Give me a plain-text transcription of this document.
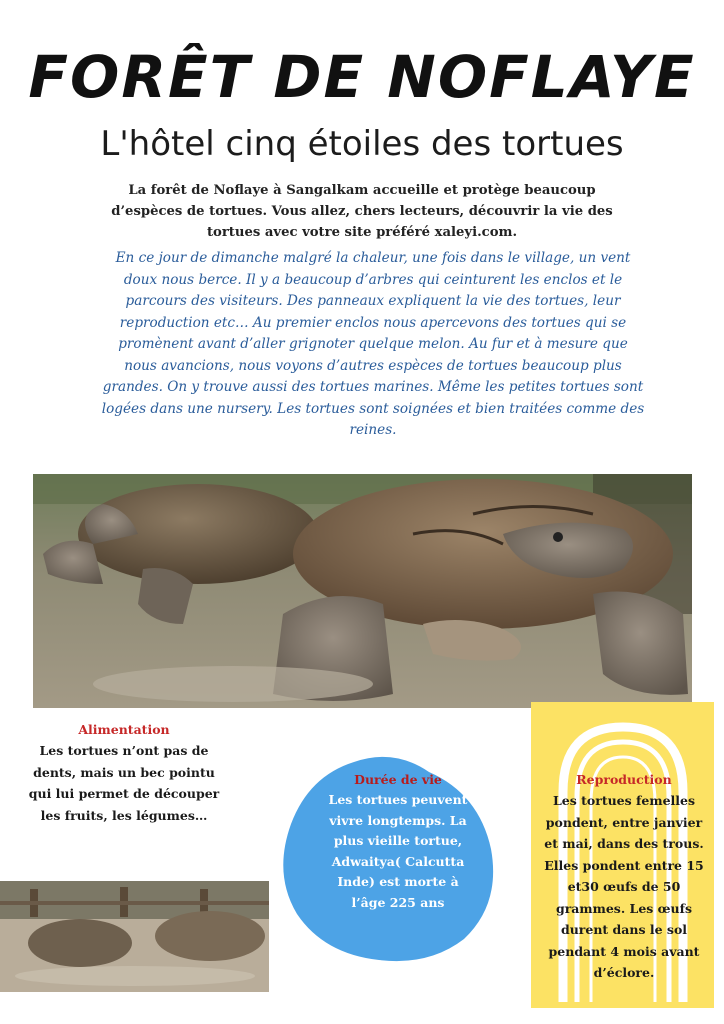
FORÊT DE NOFLAYE
L'hôtel cinq étoiles des tortues
La forêt de Noflaye à Sangalkam accueille et protège beaucoup d’espèces de tortues. Vous allez, chers lecteurs, découvrir la vie des tortues avec votre site préféré xaleyi.com.
En ce jour de dimanche malgré la chaleur, une fois dans le village, un vent doux nous berce. Il y a beaucoup d’arbres qui ceinturent les enclos et le parcours des visiteurs. Des panneaux expliquent la vie des tortues, leur reproduction etc… Au premier enclos nous apercevons des tortues qui se promènent avant d’aller grignoter quelque melon. Au fur et à mesure que nous avancions, nous voyons d’autres espèces de tortues beaucoup plus grandes. On y trouve aussi des tortues marines. Même les petites tortues sont logées dans une nursery. Les tortues sont soignées et bien traitées comme des reines.
Alimentation
Les tortues n’ont pas de dents, mais un bec pointu qui lui permet de découper les fruits, les légumes…
Durée de vie
Les tortues peuvent vivre longtemps. La plus vieille tortue, Adwaitya( Calcutta Inde) est morte à l’âge 225 ans
Reproduction
Les tortues femelles pondent, entre janvier et mai, dans des trous. Elles pondent entre 15 et30 œufs de 50 grammes. Les œufs durent dans le sol pendant 4 mois avant d’éclore.
